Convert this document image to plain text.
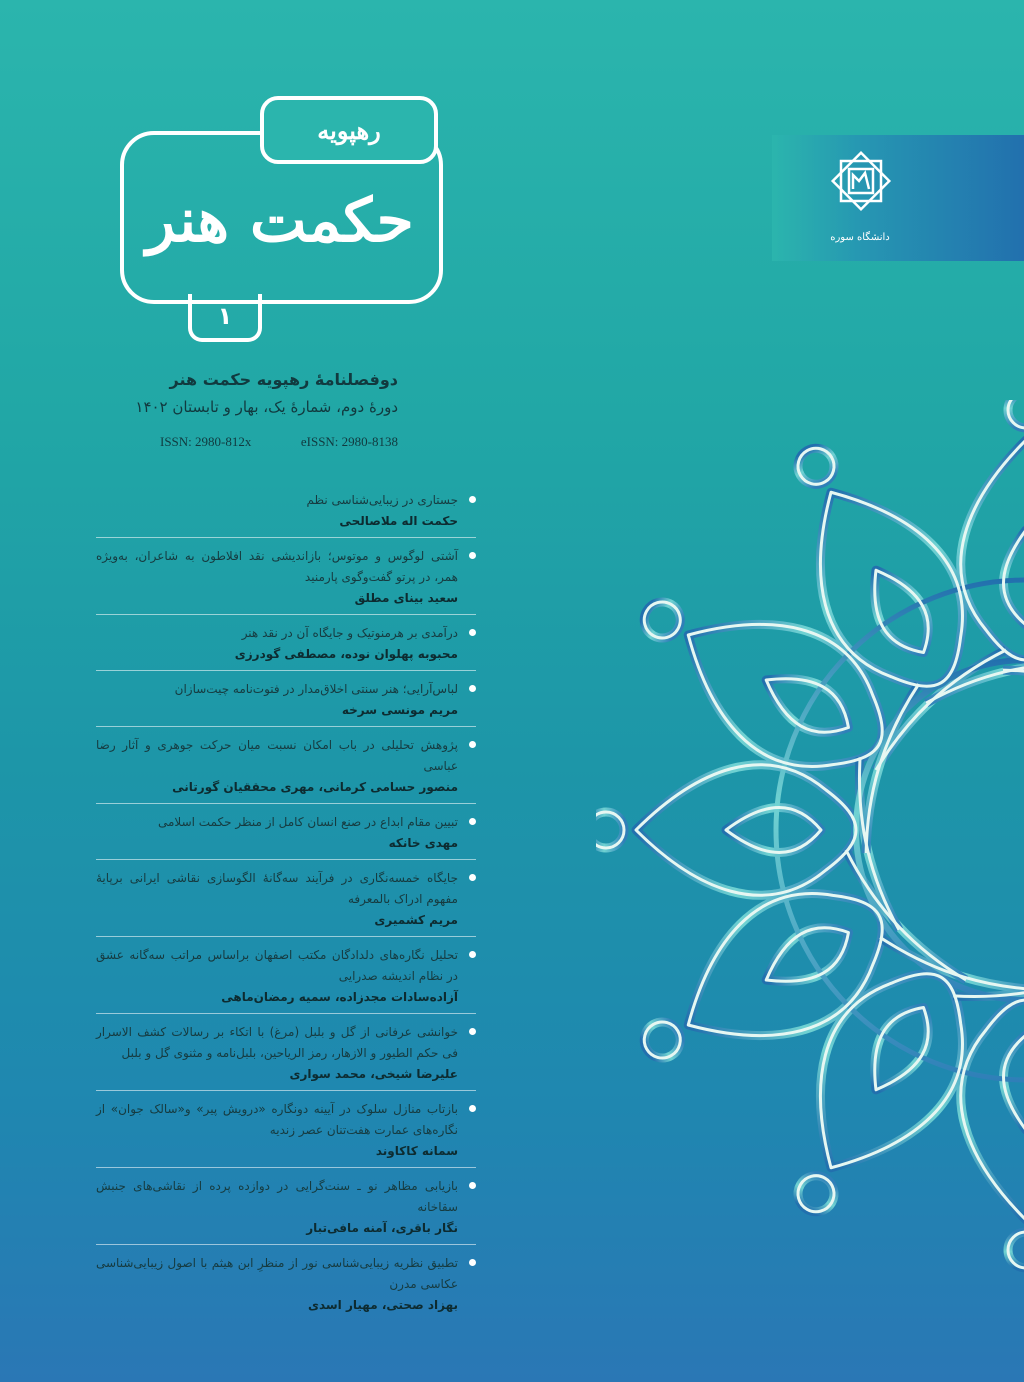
رهپویه
حکمت هنر
۱
دانشگاه سوره
دوفصلنامهٔ رهپویه حکمت هنر
دورهٔ دوم، شمارهٔ یک، بهار و تابستان ۱۴۰۲
ISSN: 2980-812x	eISSN: 2980-8138
جستاری در زیبایی‌شناسی نظم
حکمت اله ملاصالحی
آشتی لوگوس و موتوس؛ بازاندیشی نقد افلاطون به شاعران، به‌ویژه همر، در پرتو گفت‌وگوی پارمنید
سعید بینای مطلق
درآمدی بر هرمنوتیک و جایگاه آن در نقد هنر
محبوبه پهلوان نوده، مصطفی گودرزی
لباس‌آرایی؛ هنر سنتی اخلاق‌مدار در فتوت‌نامه چیت‌سازان
مریم مونسی سرخه
پژوهش تحلیلی در باب امکان نسبت میان حرکت جوهری و آثار رضا عباسی
منصور حسامی کرمانی، مهری محققیان گورتانی
تبیین مقام ابداع در صنع انسان کامل از منظر حکمت اسلامی
مهدی خانکه
جایگاه خمسه‌نگاری در فرآیند سه‌گانهٔ الگوسازی نقاشی ایرانی برپایهٔ مفهوم ادراک بالمعرفه
مریم کشمیری
تحلیل نگاره‌های دلدادگان مکتب اصفهان براساس مراتب سه‌گانه عشق در نظام اندیشه صدرایی
آزاده‌سادات مجدزاده، سمیه رمضان‌ماهی
خوانشی عرفانی از گل و بلبل (مرغ) با اتکاء بر رسالات کشف الاسرار فی حکم الطیور و الازهار، رمز الریاحین، بلبل‌نامه و مثنوی گل و بلبل
علیرضا شیخی، محمد سواری
بازتاب منازل سلوک در آیینه دونگاره «درویش پیر» و«سالک جوان» از نگاره‌های عمارت هفت‌تنان عصر زندیه
سمانه کاکاوند
بازیابی مظاهر نو ـ سنت‌گرایی در دوازده پرده از نقاشی‌های جنبش سقاخانه
نگار باقری، آمنه مافی‌تبار
تطبیق نظریه زیبایی‌شناسی نور از منظرِ ابن هیثم با اصول زیبایی‌شناسی عکاسی مدرن
بهزاد صحتی، مهیار اسدی
